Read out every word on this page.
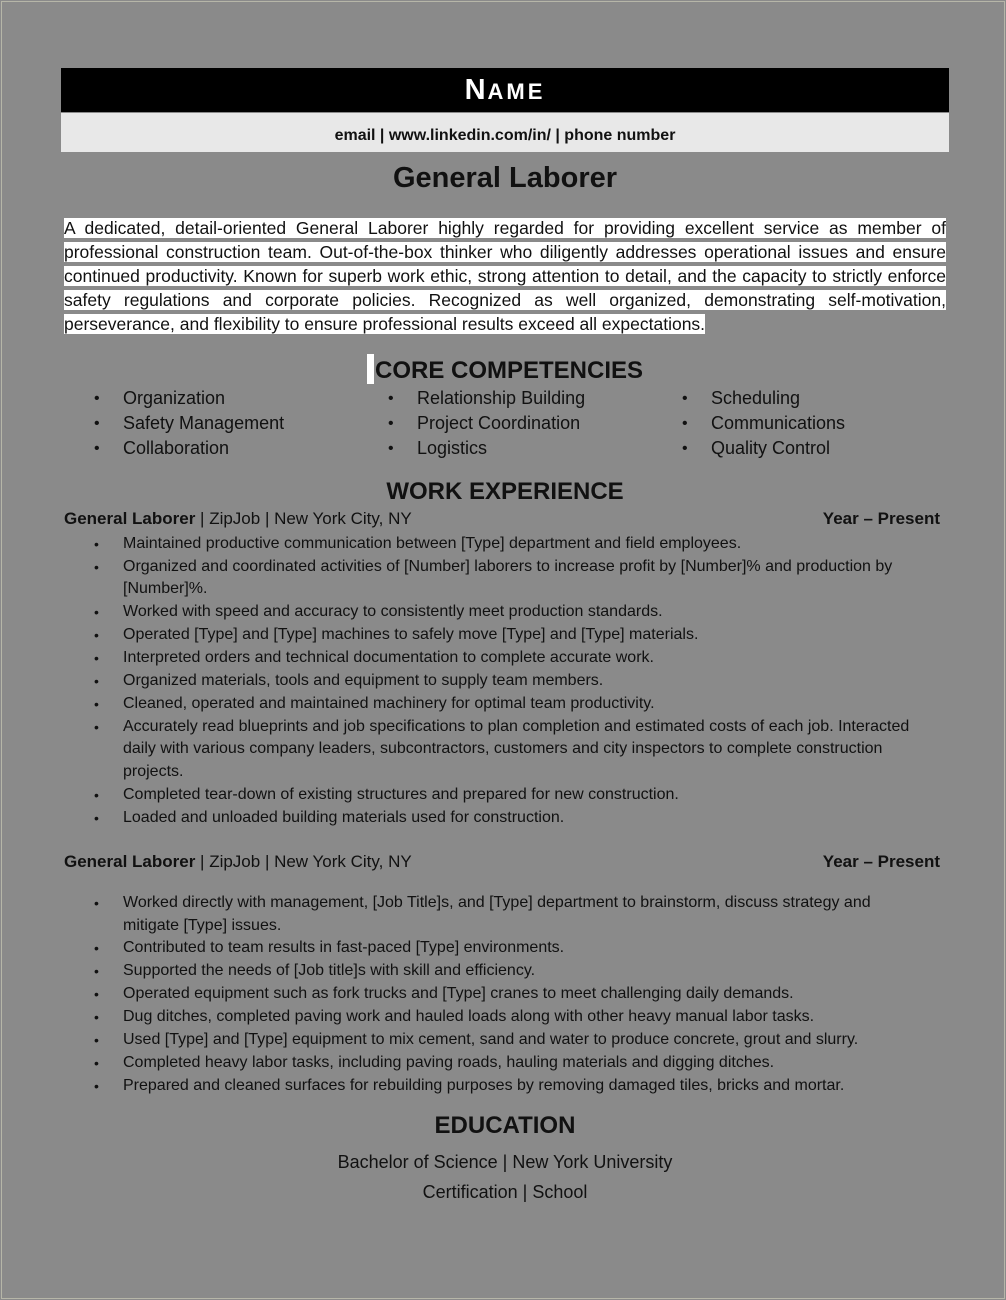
NAME
email | www.linkedin.com/in/ | phone number
General Laborer
A dedicated, detail-oriented General Laborer highly regarded for providing excellent service as member of professional construction team. Out-of-the-box thinker who diligently addresses operational issues and ensure continued productivity. Known for superb work ethic, strong attention to detail, and the capacity to strictly enforce safety regulations and corporate policies. Recognized as well organized, demonstrating self-motivation, perseverance, and flexibility to ensure professional results exceed all expectations.
CORE COMPETENCIES
• Organization
• Safety Management
• Collaboration
• Relationship Building
• Project Coordination
• Logistics
• Scheduling
• Communications
• Quality Control
WORK EXPERIENCE
General Laborer | ZipJob | New York City, NY	Year – Present
• Maintained productive communication between [Type] department and field employees.
• Organized and coordinated activities of [Number] laborers to increase profit by [Number]% and production by [Number]%.
• Worked with speed and accuracy to consistently meet production standards.
• Operated [Type] and [Type] machines to safely move [Type] and [Type] materials.
• Interpreted orders and technical documentation to complete accurate work.
• Organized materials, tools and equipment to supply team members.
• Cleaned, operated and maintained machinery for optimal team productivity.
• Accurately read blueprints and job specifications to plan completion and estimated costs of each job. Interacted daily with various company leaders, subcontractors, customers and city inspectors to complete construction projects.
• Completed tear-down of existing structures and prepared for new construction.
• Loaded and unloaded building materials used for construction.
General Laborer | ZipJob | New York City, NY	Year – Present
• Worked directly with management, [Job Title]s, and [Type] department to brainstorm, discuss strategy and mitigate [Type] issues.
• Contributed to team results in fast-paced [Type] environments.
• Supported the needs of [Job title]s with skill and efficiency.
• Operated equipment such as fork trucks and [Type] cranes to meet challenging daily demands.
• Dug ditches, completed paving work and hauled loads along with other heavy manual labor tasks.
• Used [Type] and [Type] equipment to mix cement, sand and water to produce concrete, grout and slurry.
• Completed heavy labor tasks, including paving roads, hauling materials and digging ditches.
• Prepared and cleaned surfaces for rebuilding purposes by removing damaged tiles, bricks and mortar.
EDUCATION
Bachelor of Science | New York University
Certification | School
